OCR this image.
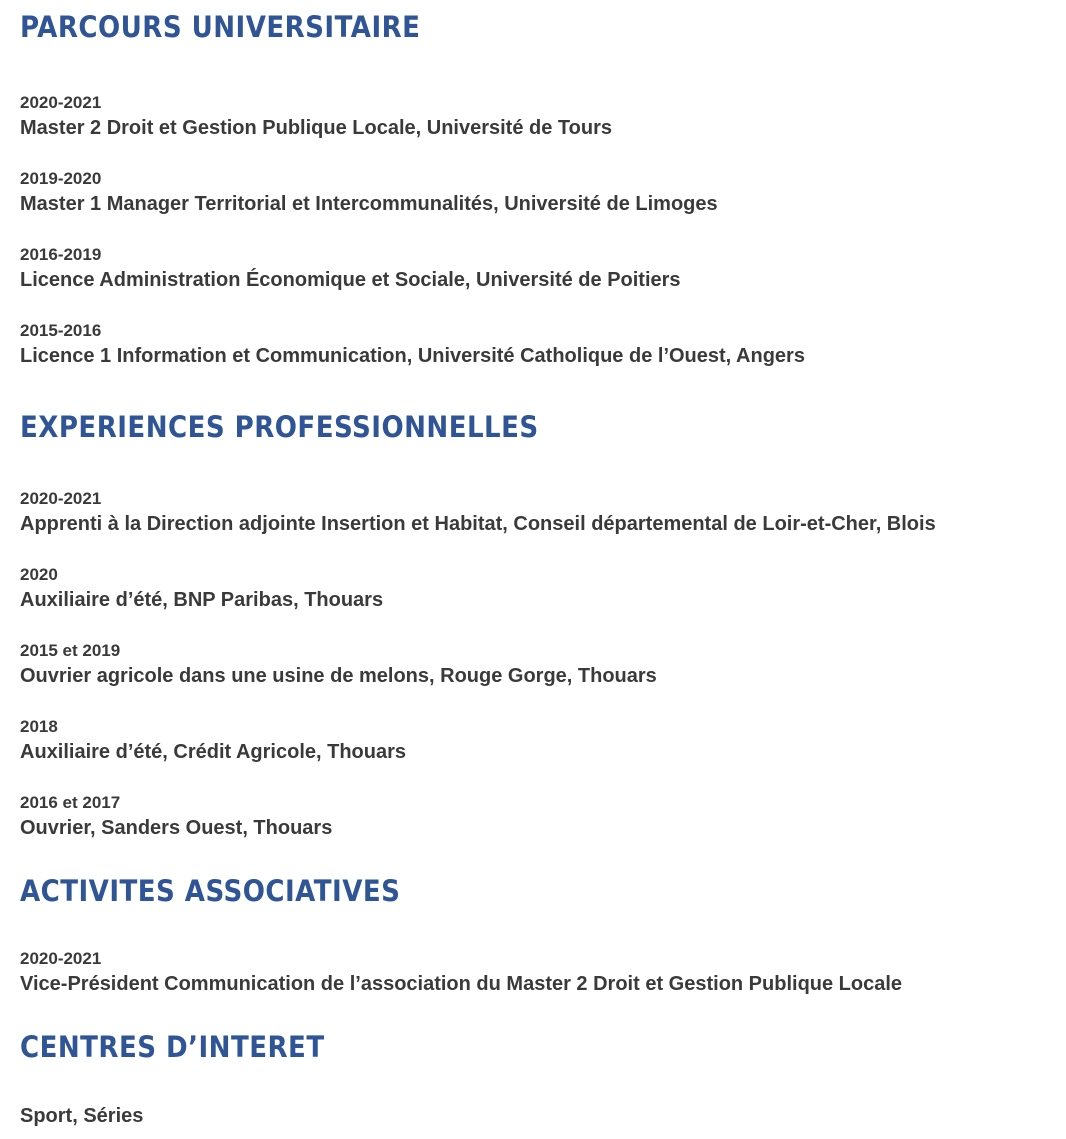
PARCOURS UNIVERSITAIRE
2020-2021
Master 2 Droit et Gestion Publique Locale, Université de Tours
2019-2020
Master 1 Manager Territorial et Intercommunalités, Université de Limoges
2016-2019
Licence Administration Économique et Sociale, Université de Poitiers
2015-2016
Licence 1 Information et Communication, Université Catholique de l’Ouest, Angers
EXPERIENCES PROFESSIONNELLES
2020-2021
Apprenti à la Direction adjointe Insertion et Habitat, Conseil départemental de Loir-et-Cher, Blois
2020
Auxiliaire d’été, BNP Paribas, Thouars
2015 et 2019
Ouvrier agricole dans une usine de melons, Rouge Gorge, Thouars
2018
Auxiliaire d’été, Crédit Agricole, Thouars
2016 et 2017
Ouvrier, Sanders Ouest, Thouars
ACTIVITES ASSOCIATIVES
2020-2021
Vice-Président Communication de l’association du Master 2 Droit et Gestion Publique Locale
CENTRES D’INTERET
Sport, Séries
